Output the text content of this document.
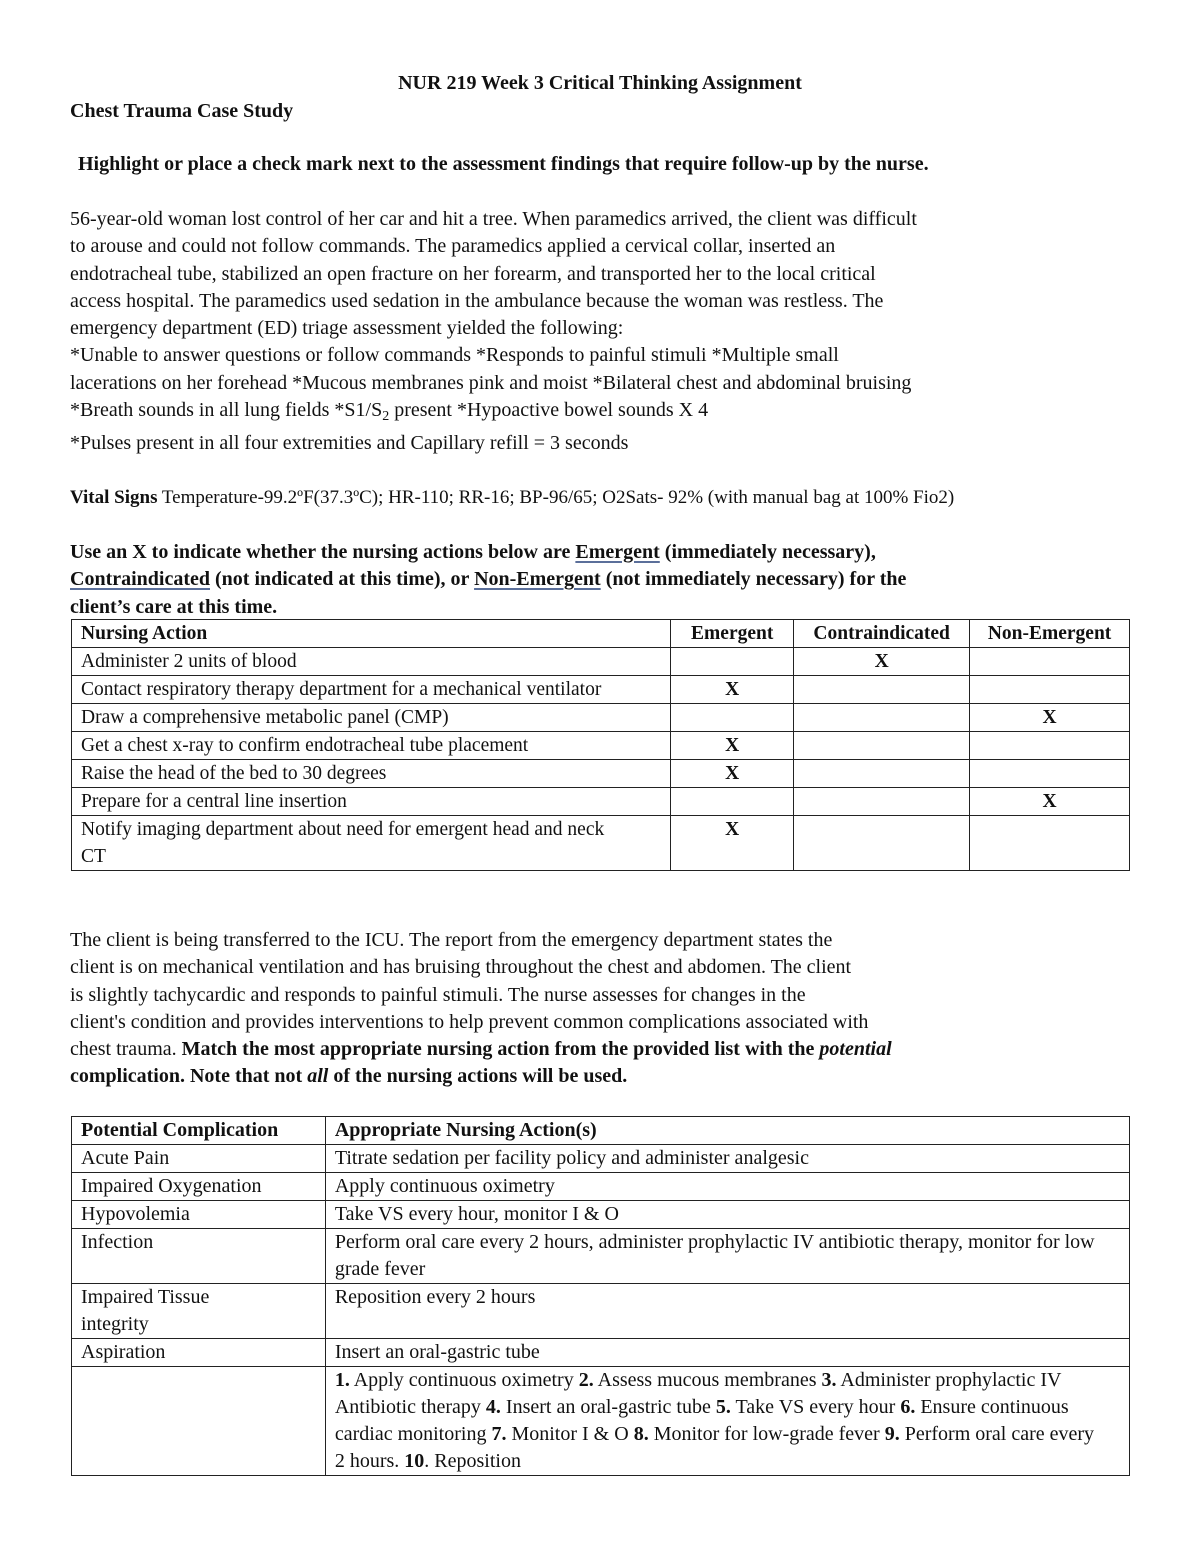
NUR 219 Week 3 Critical Thinking Assignment
Chest Trauma Case Study

Highlight or place a check mark next to the assessment findings that require follow-up by the nurse.

56-year-old woman lost control of her car and hit a tree. When paramedics arrived, the client was difficult
to arouse and could not follow commands. The paramedics applied a cervical collar, inserted an
endotracheal tube, stabilized an open fracture on her forearm, and transported her to the local critical
access hospital. The paramedics used sedation in the ambulance because the woman was restless. The
emergency department (ED) triage assessment yielded the following:
*Unable to answer questions or follow commands *Responds to painful stimuli *Multiple small
lacerations on her forehead *Mucous membranes pink and moist *Bilateral chest and abdominal bruising
*Breath sounds in all lung fields $*S1/S_2$ present *Hypoactive bowel sounds X 4
*Pulses present in all four extremities and Capillary refill = 3 seconds

Vital Signs Temperature-99.2ºF(37.3ºC); HR-110; RR-16; BP-96/65; O2Sats- 92% (with manual bag at 100% Fio2)

Use an X to indicate whether the nursing actions below are Emergent (immediately necessary),
Contraindicated (not indicated at this time), or Non-Emergent (not immediately necessary) for the
client’s care at this time.
Nursing Action	Emergent	Contraindicated	Non-Emergent
Administer 2 units of blood		X	
Contact respiratory therapy department for a mechanical ventilator	X		
Draw a comprehensive metabolic panel (CMP)			X
Get a chest x-ray to confirm endotracheal tube placement	X		
Raise the head of the bed to 30 degrees	X		
Prepare for a central line insertion			X
Notify imaging department about need for emergent head and neck CT	X		
The client is being transferred to the ICU. The report from the emergency department states the
client is on mechanical ventilation and has bruising throughout the chest and abdomen. The client
is slightly tachycardic and responds to painful stimuli. The nurse assesses for changes in the
client's condition and provides interventions to help prevent common complications associated with
chest trauma. Match the most appropriate nursing action from the provided list with the potential
complication. Note that not all of the nursing actions will be used.
Potential Complication	Appropriate Nursing Action(s)
Acute Pain	Titrate sedation per facility policy and administer analgesic
Impaired Oxygenation	Apply continuous oximetry
Hypovolemia	Take VS every hour, monitor I & O
Infection	Perform oral care every 2 hours, administer prophylactic IV antibiotic therapy, monitor for low grade fever
Impaired Tissue integrity	Reposition every 2 hours
Aspiration	Insert an oral-gastric tube
	1. Apply continuous oximetry 2. Assess mucous membranes 3. Administer prophylactic IV Antibiotic therapy 4. Insert an oral-gastric tube 5. Take VS every hour 6. Ensure continuous cardiac monitoring 7. Monitor I & O 8. Monitor for low-grade fever 9. Perform oral care every 2 hours. 10. Reposition
